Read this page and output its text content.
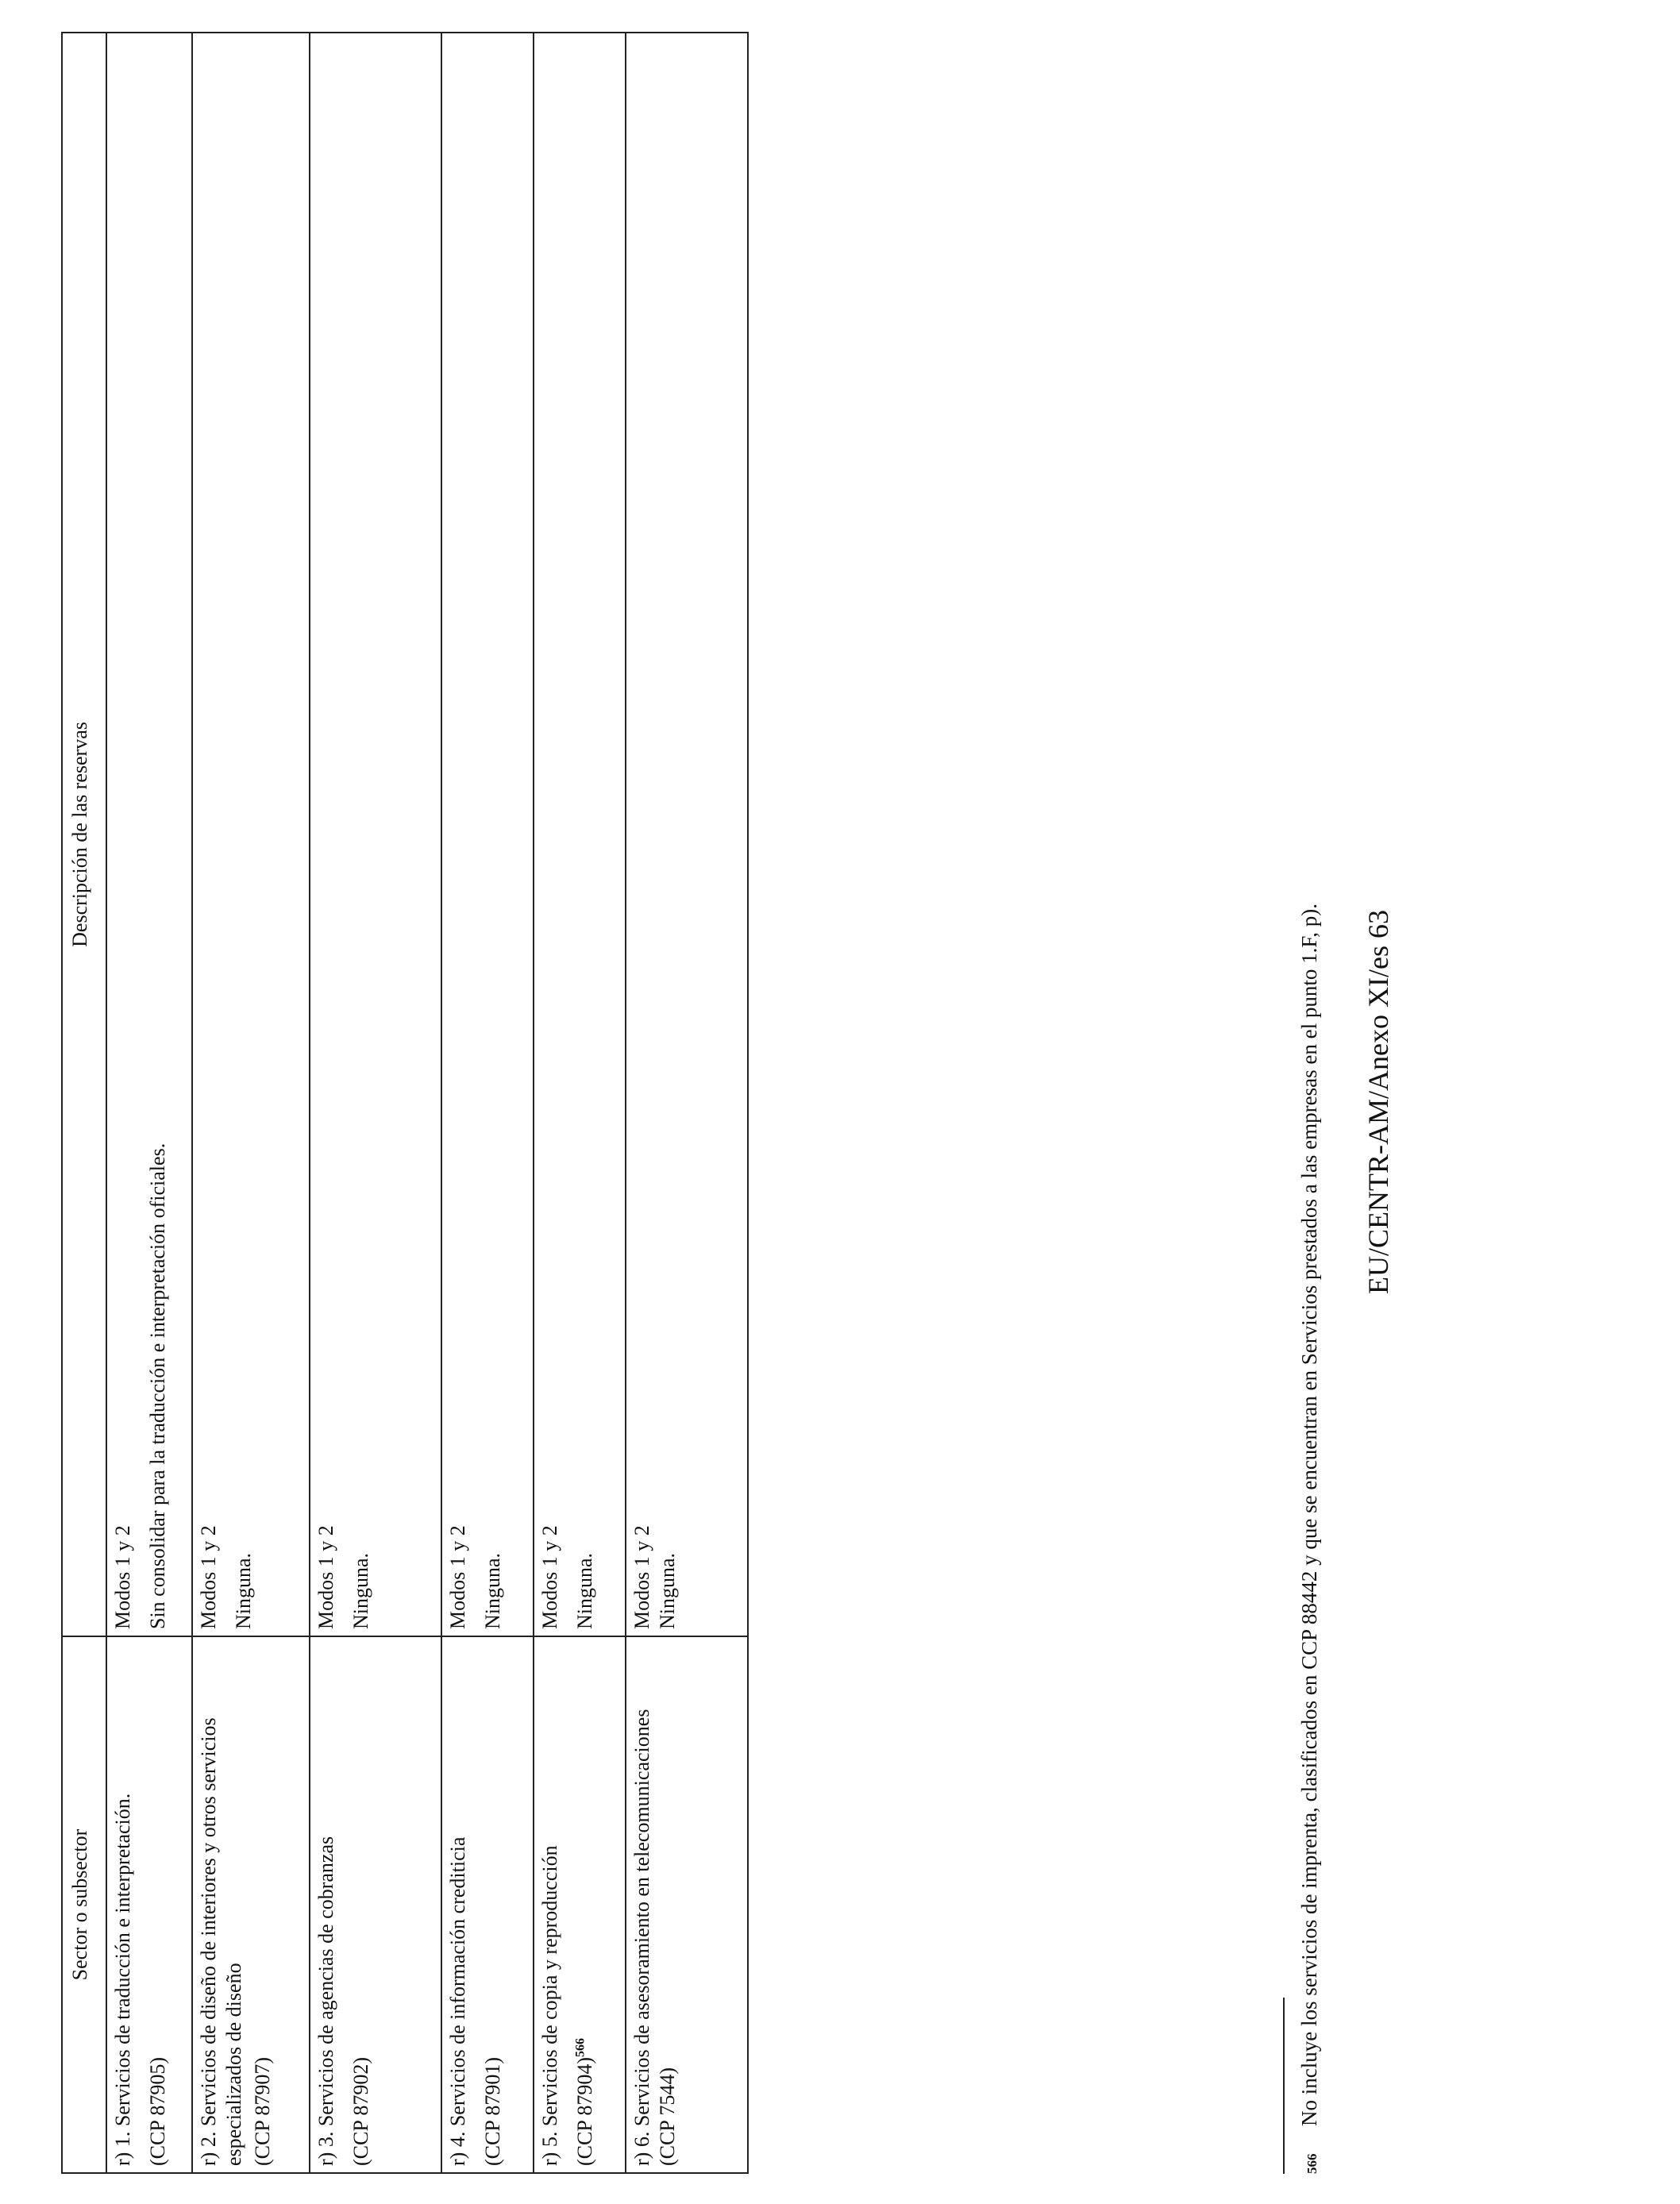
Sector o subsector	Descripción de las reservas

r) 1. Servicios de traducción e interpretación. (CCP 87905)	Modos 1 y 2 Sin consolidar para la traducción e interpretación oficiales.

r) 2. Servicios de diseño de interiores y otros servicios especializados de diseño (CCP 87907)	Modos 1 y 2 Ninguna.

r) 3. Servicios de agencias de cobranzas (CCP 87902)	Modos 1 y 2 Ninguna.

r) 4. Servicios de información crediticia (CCP 87901)	Modos 1 y 2 Ninguna.

r) 5. Servicios de copia y reproducción (CCP 87904)$^{566}$	Modos 1 y 2 Ninguna.

r) 6. Servicios de asesoramiento en telecomunicaciones (CCP 7544)	Modos 1 y 2 Ninguna.
566
No incluye los servicios de imprenta, clasificados en CCP 88442 y que se encuentran en Servicios prestados a las empresas en el punto 1.F, p). EU/CENTR-AM/Anexo XI/es 63
